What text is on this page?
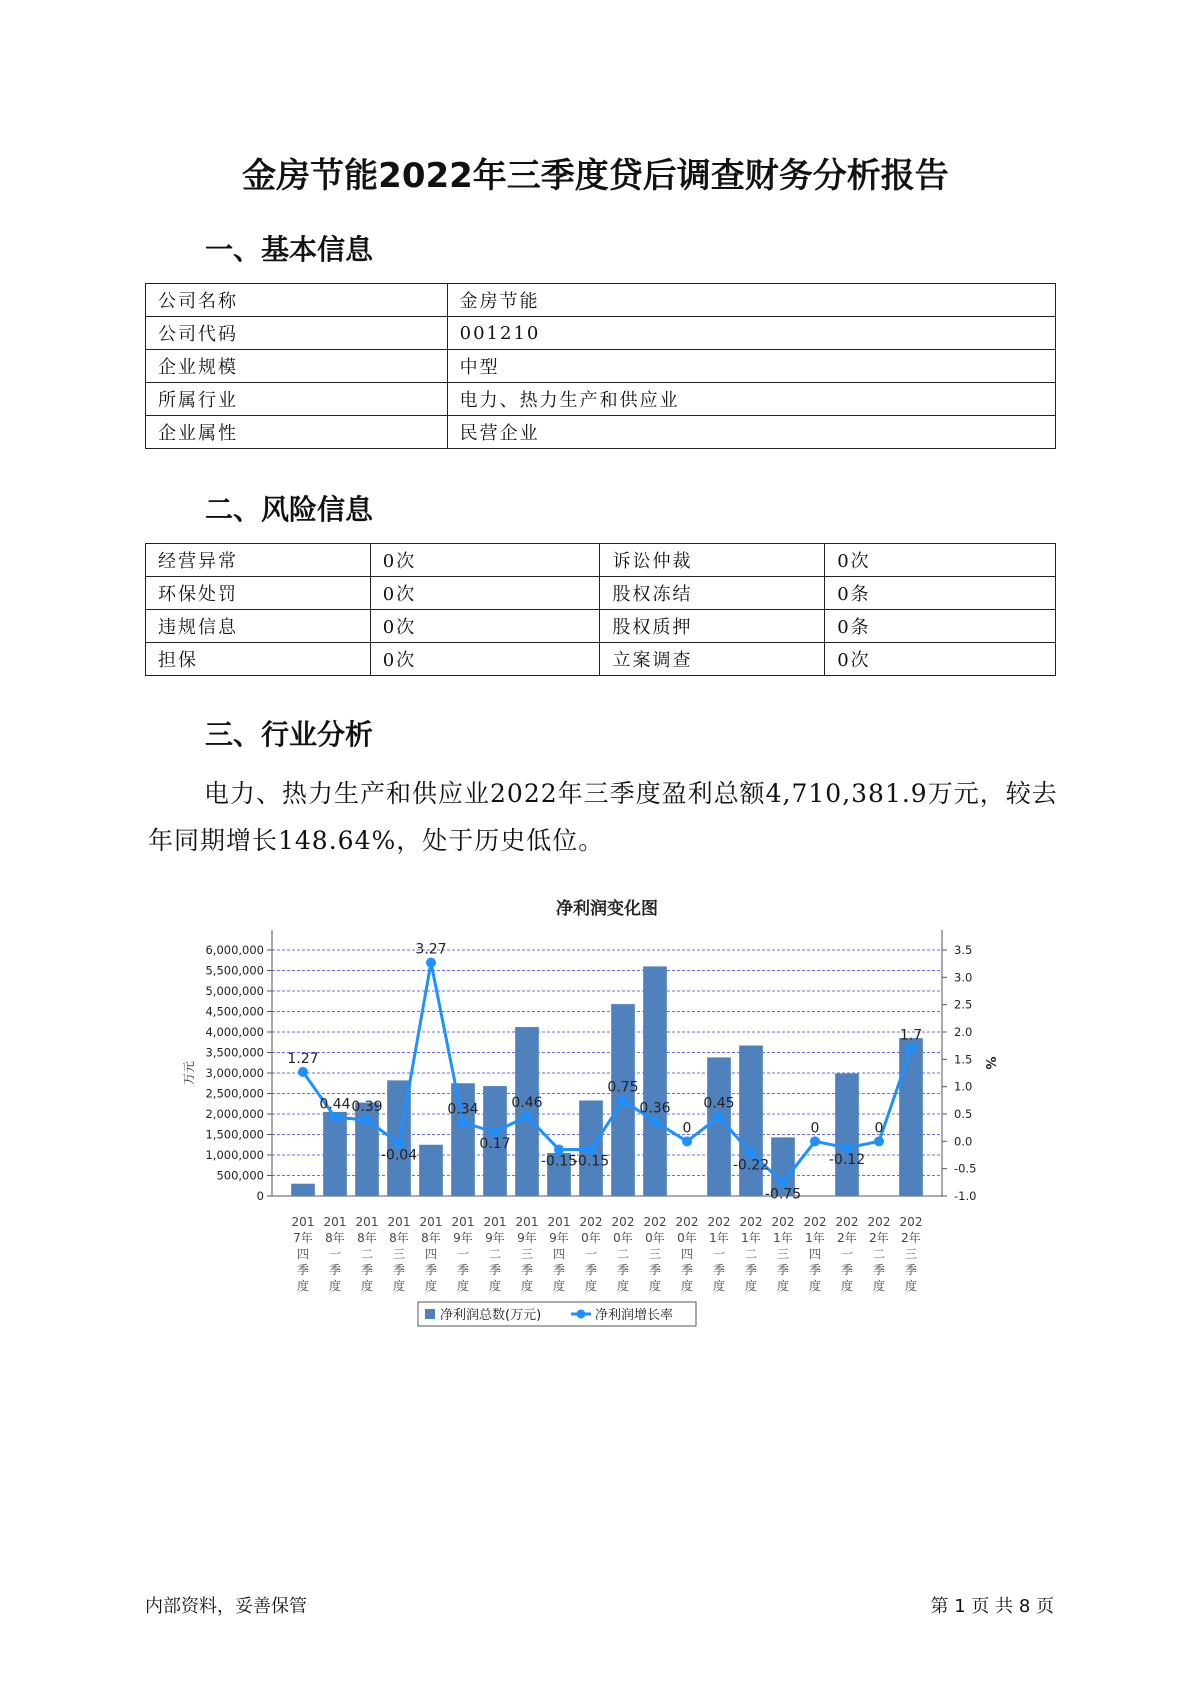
金房节能2022年三季度贷后调查财务分析报告
一、基本信息
公司名称	金房节能
公司代码	001210
企业规模	中型
所属行业	电力、热力生产和供应业
企业属性	民营企业
二、风险信息
经营异常	0次	诉讼仲裁	0次
环保处罚	0次	股权冻结	0条
违规信息	0次	股权质押	0条
担保	0次	立案调查	0次
三、行业分析

电力、热力生产和供应业2022年三季度盈利总额4,710,381.9万元，较去年同期增长148.64%，处于历史低位。

净利润变化图
0
500,000
1,000,000
1,500,000
2,000,000
2,500,000
3,000,000
3,500,000
4,000,000
4,500,000
5,000,000
5,500,000
6,000,000
-1.0
-0.5
0.0
0.5
1.0
1.5
2.0
2.5
3.0
3.5
万元	%
1.27
0.44 0.39
-0.04
3.27
0.34
0.17
0.46
-0.15
-0.15
0.75
0.36
0
0.45
-0.22
-0.75
0
-0.12
0
1.7
201 7年四季度
201 8年一季度
201 8年二季度
201 8年三季度
201 8年四季度
201 9年一季度
201 9年二季度
201 9年三季度
201 9年四季度
202 0年一季度
202 0年二季度
202 0年三季度
202 0年四季度
202 1年一季度
202 1年二季度
202 1年三季度
202 1年四季度
202 2年一季度
202 2年二季度
202 2年三季度
净利润总数(万元)	净利润增长率
内部资料，妥善保管	第 1 页 共 8 页
